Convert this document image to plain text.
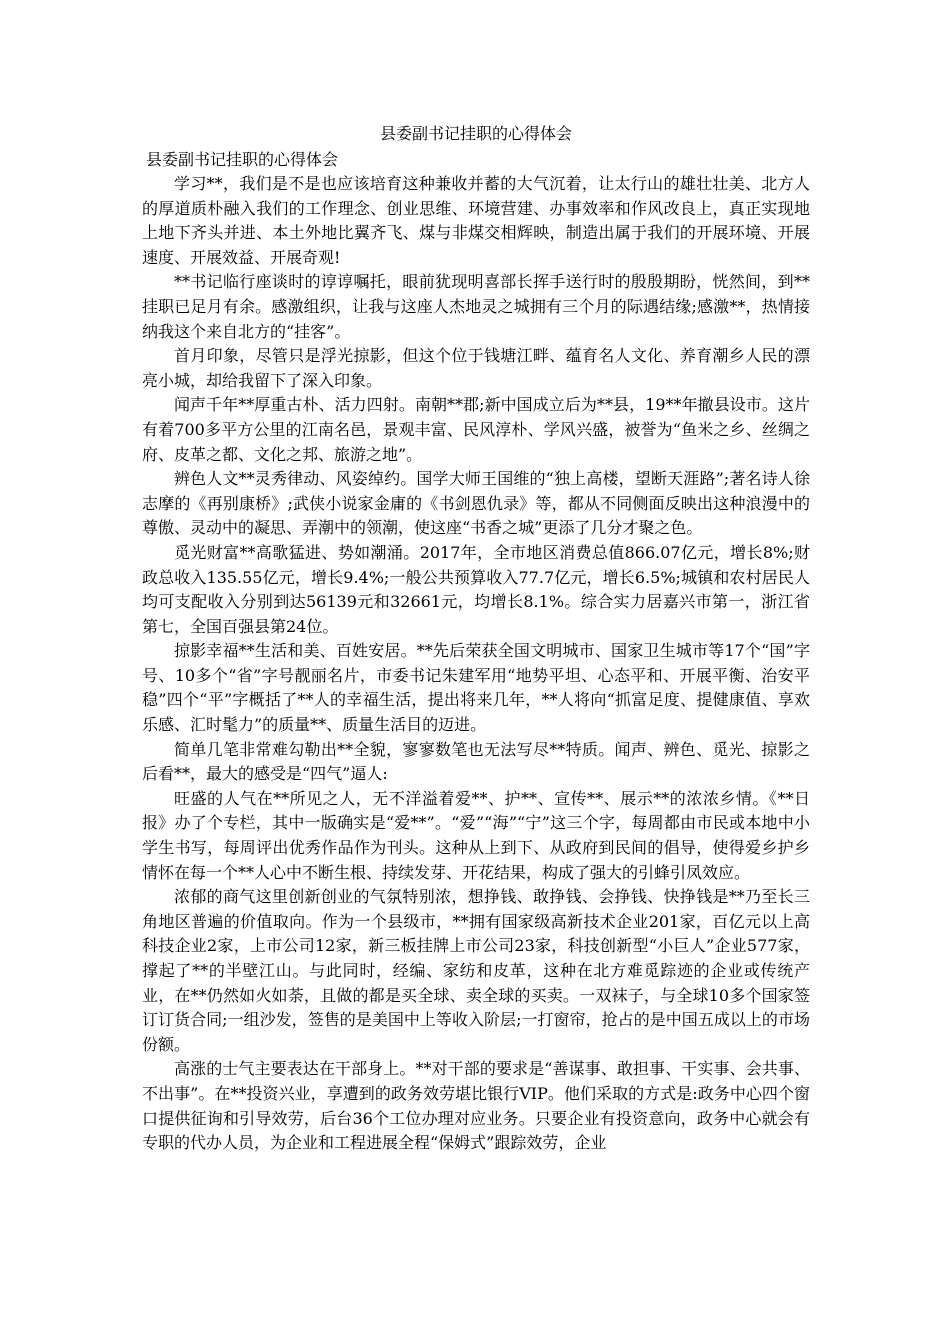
县委副书记挂职的心得体会

县委副书记挂职的心得体会

学习**，我们是不是也应该培育这种兼收并蓄的大气沉着，让太行山的雄壮壮美、北方人的厚道质朴融入我们的工作理念、创业思维、环境营建、办事效率和作风改良上，真正实现地上地下齐头并进、本土外地比翼齐飞、煤与非煤交相辉映，制造出属于我们的开展环境、开展速度、开展效益、开展奇观!

**书记临行座谈时的谆谆嘱托，眼前犹现明喜部长挥手送行时的殷殷期盼，恍然间，到**挂职已足月有余。感激组织，让我与这座人杰地灵之城拥有三个月的际遇结缘;感激**，热情接纳我这个来自北方的“挂客”。

首月印象，尽管只是浮光掠影，但这个位于钱塘江畔、蕴育名人文化、养育潮乡人民的漂亮小城，却给我留下了深入印象。

闻声千年**厚重古朴、活力四射。南朝**郡;新中国成立后为**县，19**年撤县设市。这片有着700多平方公里的江南名邑，景观丰富、民风淳朴、学风兴盛，被誉为“鱼米之乡、丝绸之府、皮革之都、文化之邦、旅游之地”。

辨色人文**灵秀律动、风姿绰约。国学大师王国维的“独上高楼，望断天涯路”;著名诗人徐志摩的《再别康桥》;武侠小说家金庸的《书剑恩仇录》等，都从不同侧面反映出这种浪漫中的尊傲、灵动中的凝思、弄潮中的领潮，使这座“书香之城”更添了几分才聚之色。

觅光财富**高歌猛进、势如潮涌。2017年，全市地区消费总值866.07亿元，增长8%;财政总收入135.55亿元，增长9.4%;一般公共预算收入77.7亿元，增长6.5%;城镇和农村居民人均可支配收入分别到达56139元和32661元，均增长8.1%。综合实力居嘉兴市第一，浙江省第七，全国百强县第24位。

掠影幸福**生活和美、百姓安居。**先后荣获全国文明城市、国家卫生城市等17个“国”字号、10多个“省”字号靓丽名片，市委书记朱建军用“地势平坦、心态平和、开展平衡、治安平稳”四个“平”字概括了**人的幸福生活，提出将来几年，**人将向“抓富足度、提健康值、享欢乐感、汇时髦力”的质量**、质量生活目的迈进。

简单几笔非常难勾勒出**全貌，寥寥数笔也无法写尽**特质。闻声、辨色、觅光、掠影之后看**，最大的感受是“四气”逼人:

旺盛的人气在**所见之人，无不洋溢着爱**、护**、宣传**、展示**的浓浓乡情。《**日报》办了个专栏，其中一版确实是“爱**”。“爱”“海”“宁”这三个字，每周都由市民或本地中小学生书写，每周评出优秀作品作为刊头。这种从上到下、从政府到民间的倡导，使得爱乡护乡情怀在每一个**人心中不断生根、持续发芽、开花结果，构成了强大的引蜂引凤效应。

浓郁的商气这里创新创业的气氛特别浓，想挣钱、敢挣钱、会挣钱、快挣钱是**乃至长三角地区普遍的价值取向。作为一个县级市，**拥有国家级高新技术企业201家，百亿元以上高科技企业2家，上市公司12家，新三板挂牌上市公司23家，科技创新型“小巨人”企业577家，撑起了**的半壁江山。与此同时，经编、家纺和皮革，这种在北方难觅踪迹的企业或传统产业，在**仍然如火如荼，且做的都是买全球、卖全球的买卖。一双袜子，与全球10多个国家签订订货合同;一组沙发，签售的是美国中上等收入阶层;一打窗帘，抢占的是中国五成以上的市场份额。

高涨的士气主要表达在干部身上。**对干部的要求是“善谋事、敢担事、干实事、会共事、不出事”。在**投资兴业，享遭到的政务效劳堪比银行VIP。他们采取的方式是:政务中心四个窗口提供征询和引导效劳，后台36个工位办理对应业务。只要企业有投资意向，政务中心就会有专职的代办人员，为企业和工程进展全程“保姆式”跟踪效劳，企业
